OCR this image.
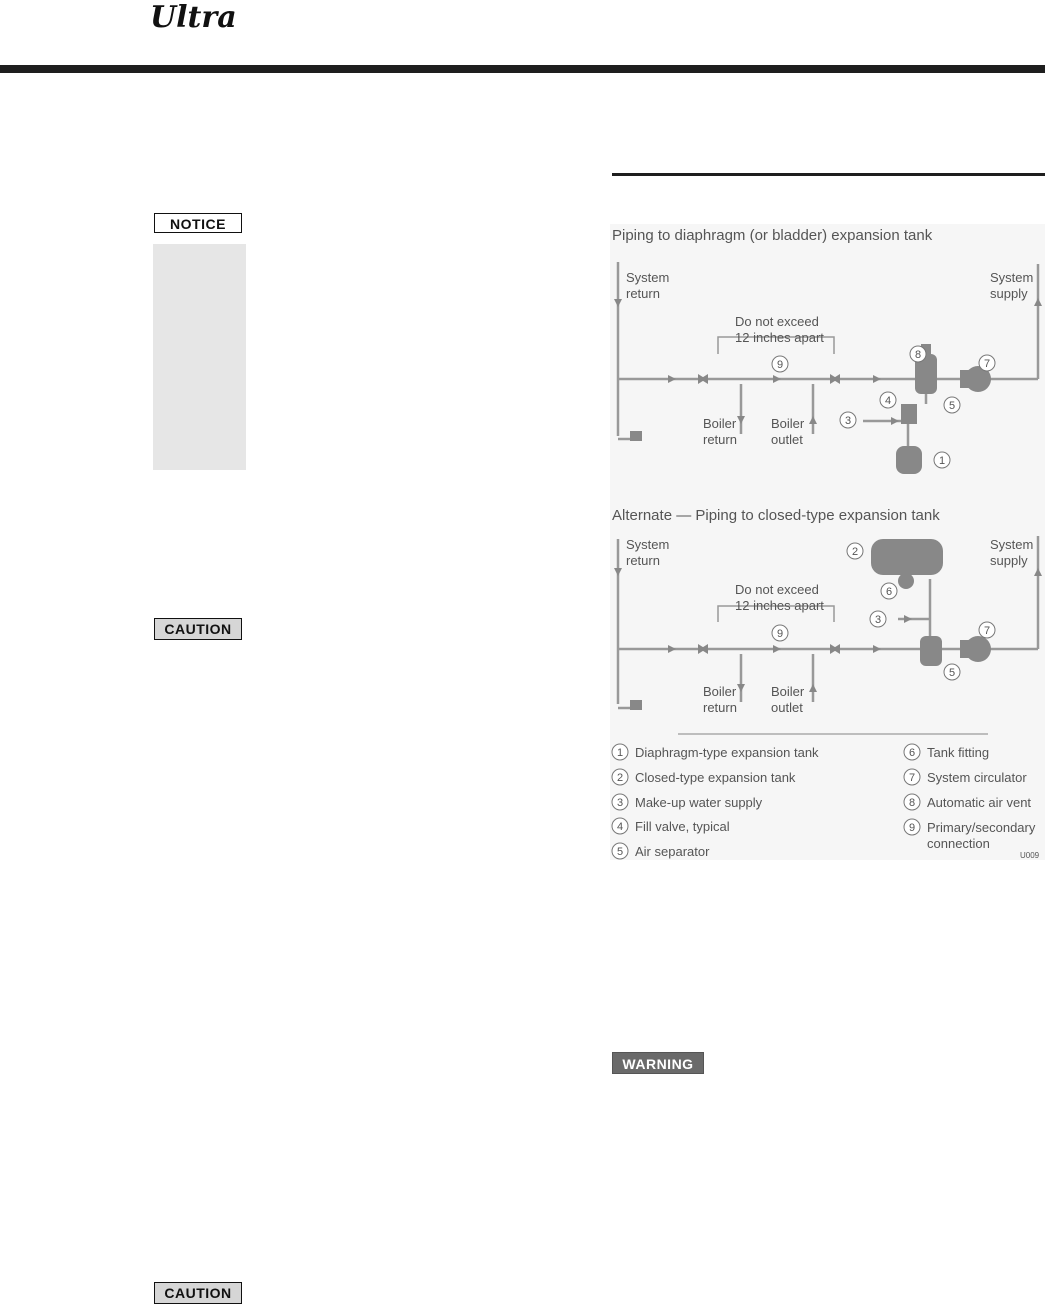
Ultra
NOTICE
CAUTION
WARNING
CAUTION
Piping to diaphragm (or bladder) expansion tank
System
return
System
supply
Do not exceed
12 inches apart
Boiler
return
Boiler
outlet
9
8
7
4	5
3
1
Alternate — Piping to closed-type expansion tank
System
return
System
supply
Do not exceed
12 inches apart
Boiler
return
Boiler
outlet
2
6
3
9	7
5
1 Diaphragm-type expansion tank
2 Closed-type expansion tank
3 Make-up water supply
4 Fill valve, typical
5 Air separator
6 Tank fitting
7 System circulator
8 Automatic air vent
9 Primary/secondary
connection
U009
